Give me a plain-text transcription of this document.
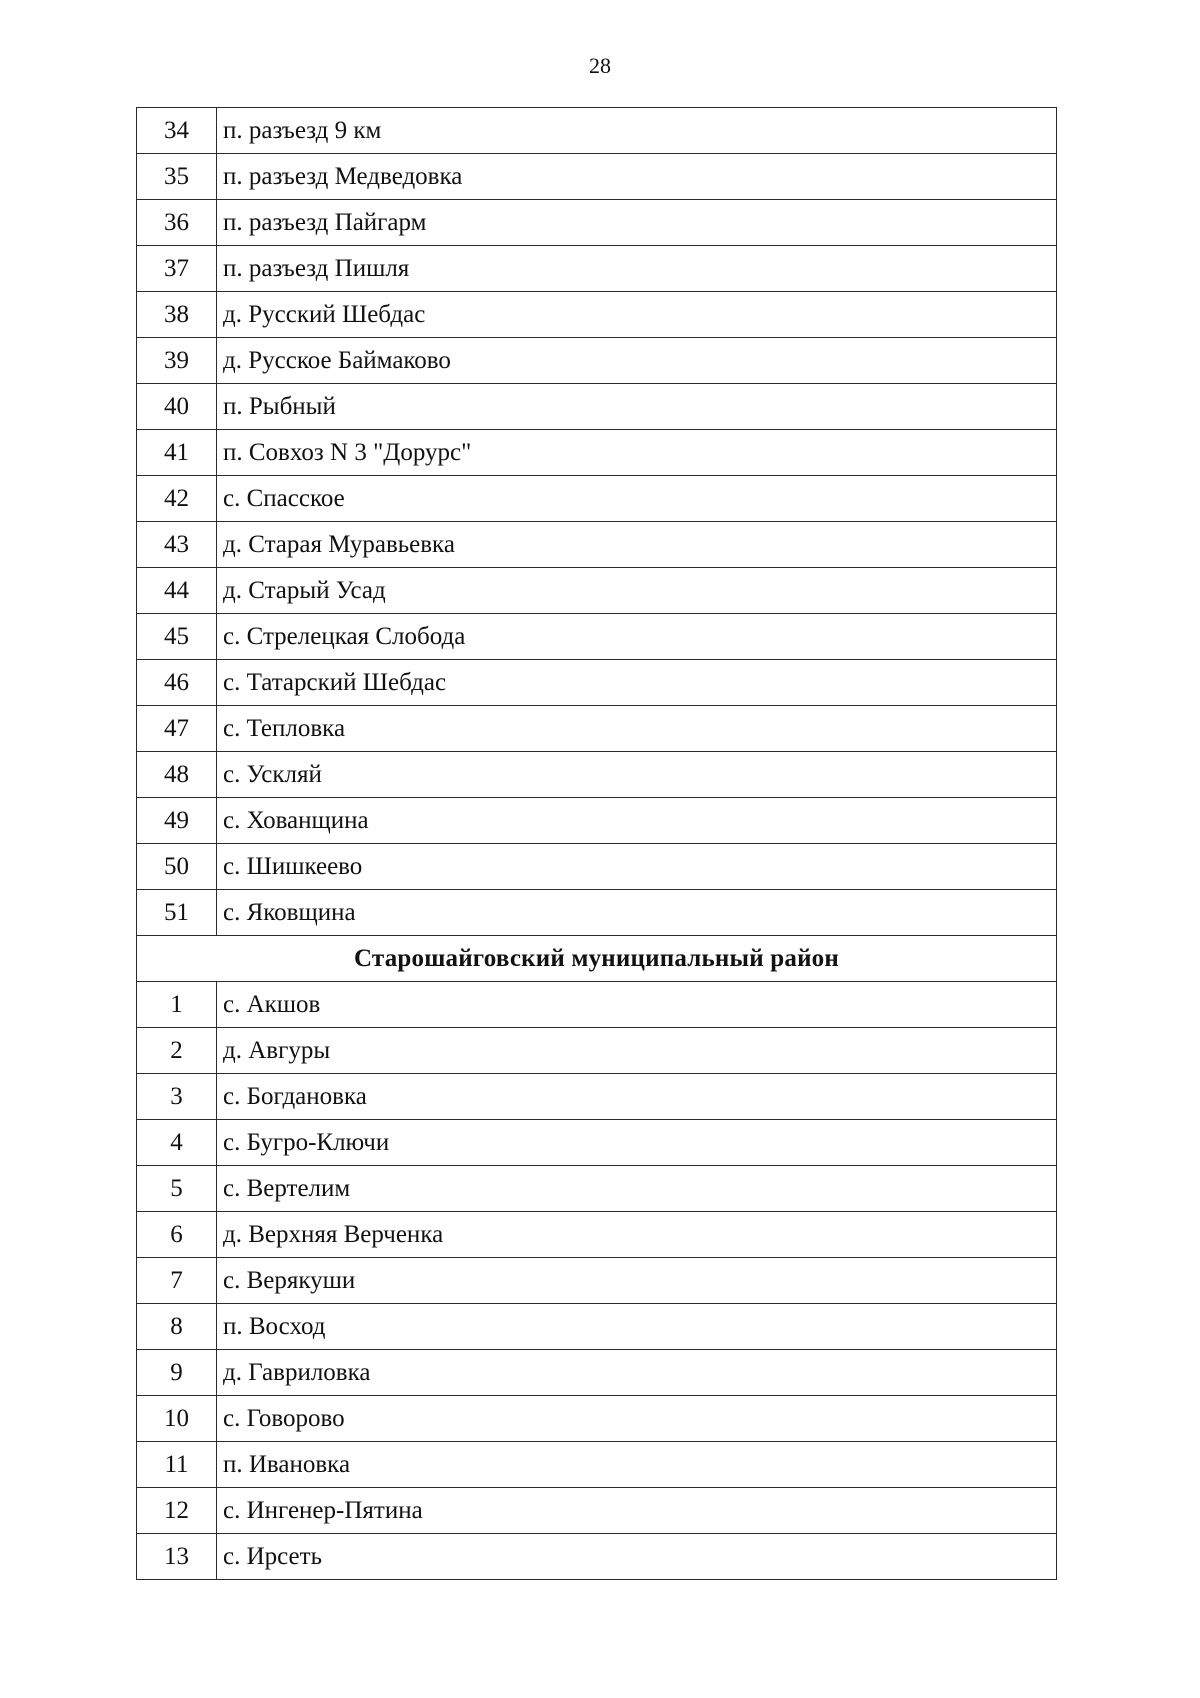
28
34	п. разъезд 9 км
35	п. разъезд Медведовка
36	п. разъезд Пайгарм
37	п. разъезд Пишля
38	д. Русский Шебдас
39	д. Русское Баймаково
40	п. Рыбный
41	п. Совхоз N 3 "Дорурс"
42	с. Спасское
43	д. Старая Муравьевка
44	д. Старый Усад
45	с. Стрелецкая Слобода
46	с. Татарский Шебдас
47	с. Тепловка
48	с. Ускляй
49	с. Хованщина
50	с. Шишкеево
51	с. Яковщина
Старошайговский муниципальный район	
1	с. Акшов
2	д. Авгуры
3	с. Богдановка
4	с. Бугро-Ключи
5	с. Вертелим
6	д. Верхняя Верченка
7	с. Верякуши
8	п. Восход
9	д. Гавриловка
10	с. Говорово
11	п. Ивановка
12	с. Ингенер-Пятина
13	с. Ирсеть
